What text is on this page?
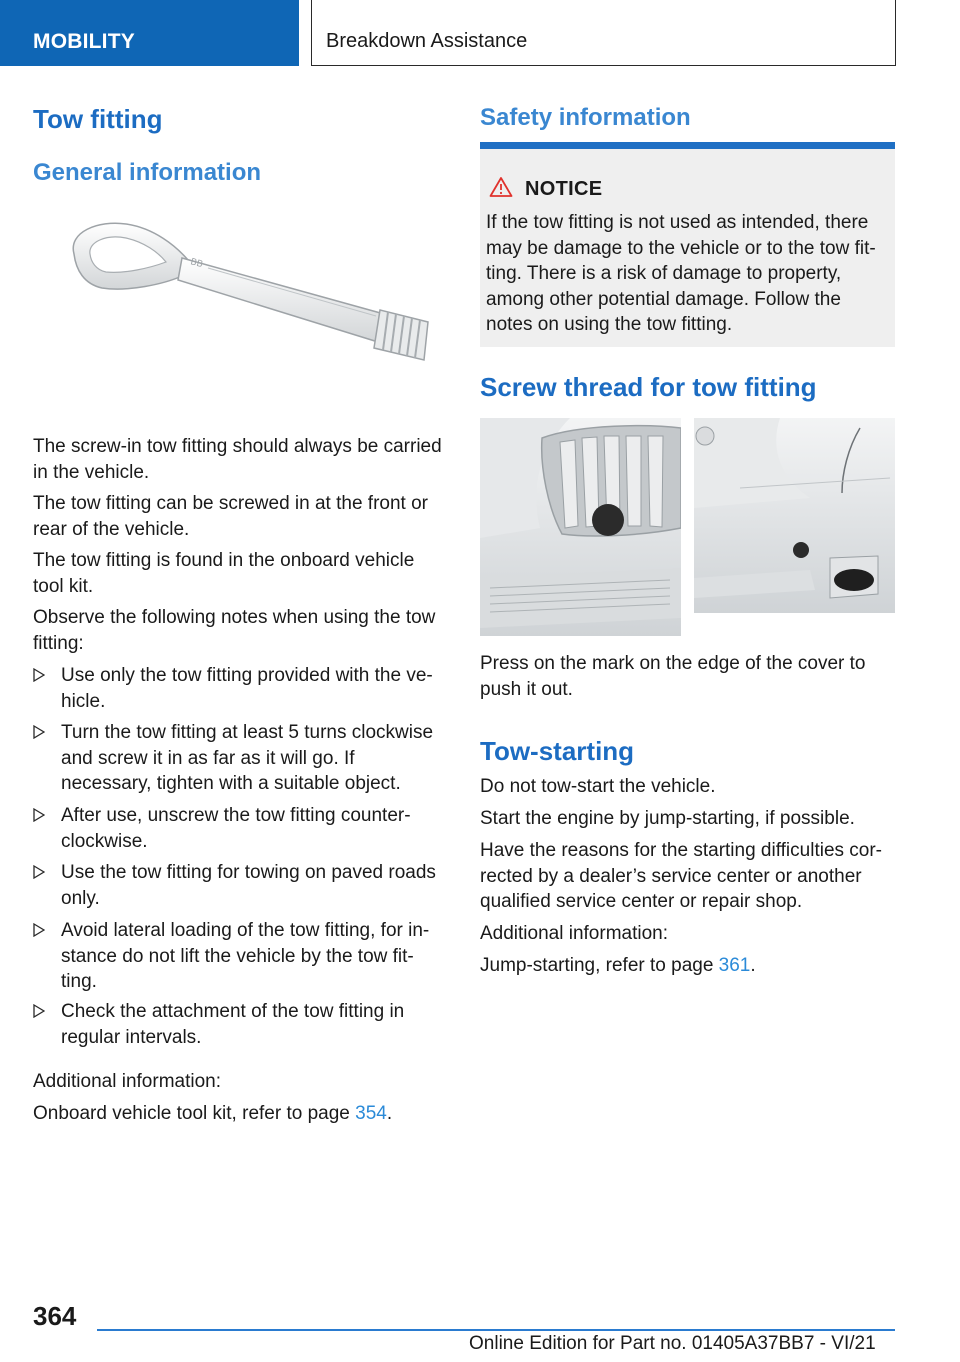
MOBILITY	Breakdown Assistance
Tow fitting
General information
BB

The screw-in tow fitting should always be carried in the vehicle.

The tow fitting can be screwed in at the front or rear of the vehicle.

The tow fitting is found in the onboard vehicle tool kit.

Observe the following notes when using the tow fitting:

Use only the tow fitting provided with the ve-hicle.
Turn the tow fitting at least 5 turns clockwise and screw it in as far as it will go. If necessary, tighten with a suitable object.
After use, unscrew the tow fitting counter-clockwise.
Use the tow fitting for towing on paved roads only.
Avoid lateral loading of the tow fitting, for in-stance do not lift the vehicle by the tow fit-ting.
Check the attachment of the tow fitting in regular intervals.

Additional information:

Onboard vehicle tool kit, refer to page 354.

Safety information
NOTICE

If the tow fitting is not used as intended, there may be damage to the vehicle or to the tow fit-ting. There is a risk of damage to property, among other potential damage. Follow the notes on using the tow fitting.

Screw thread for tow fitting

Press on the mark on the edge of the cover to push it out.

Tow-starting

Do not tow-start the vehicle.

Start the engine by jump-starting, if possible.

Have the reasons for the starting difficulties cor-rected by a dealer’s service center or another qualified service center or repair shop.

Additional information:

Jump-starting, refer to page 361.

364
Online Edition for Part no. 01405A37BB7 - VI/21
